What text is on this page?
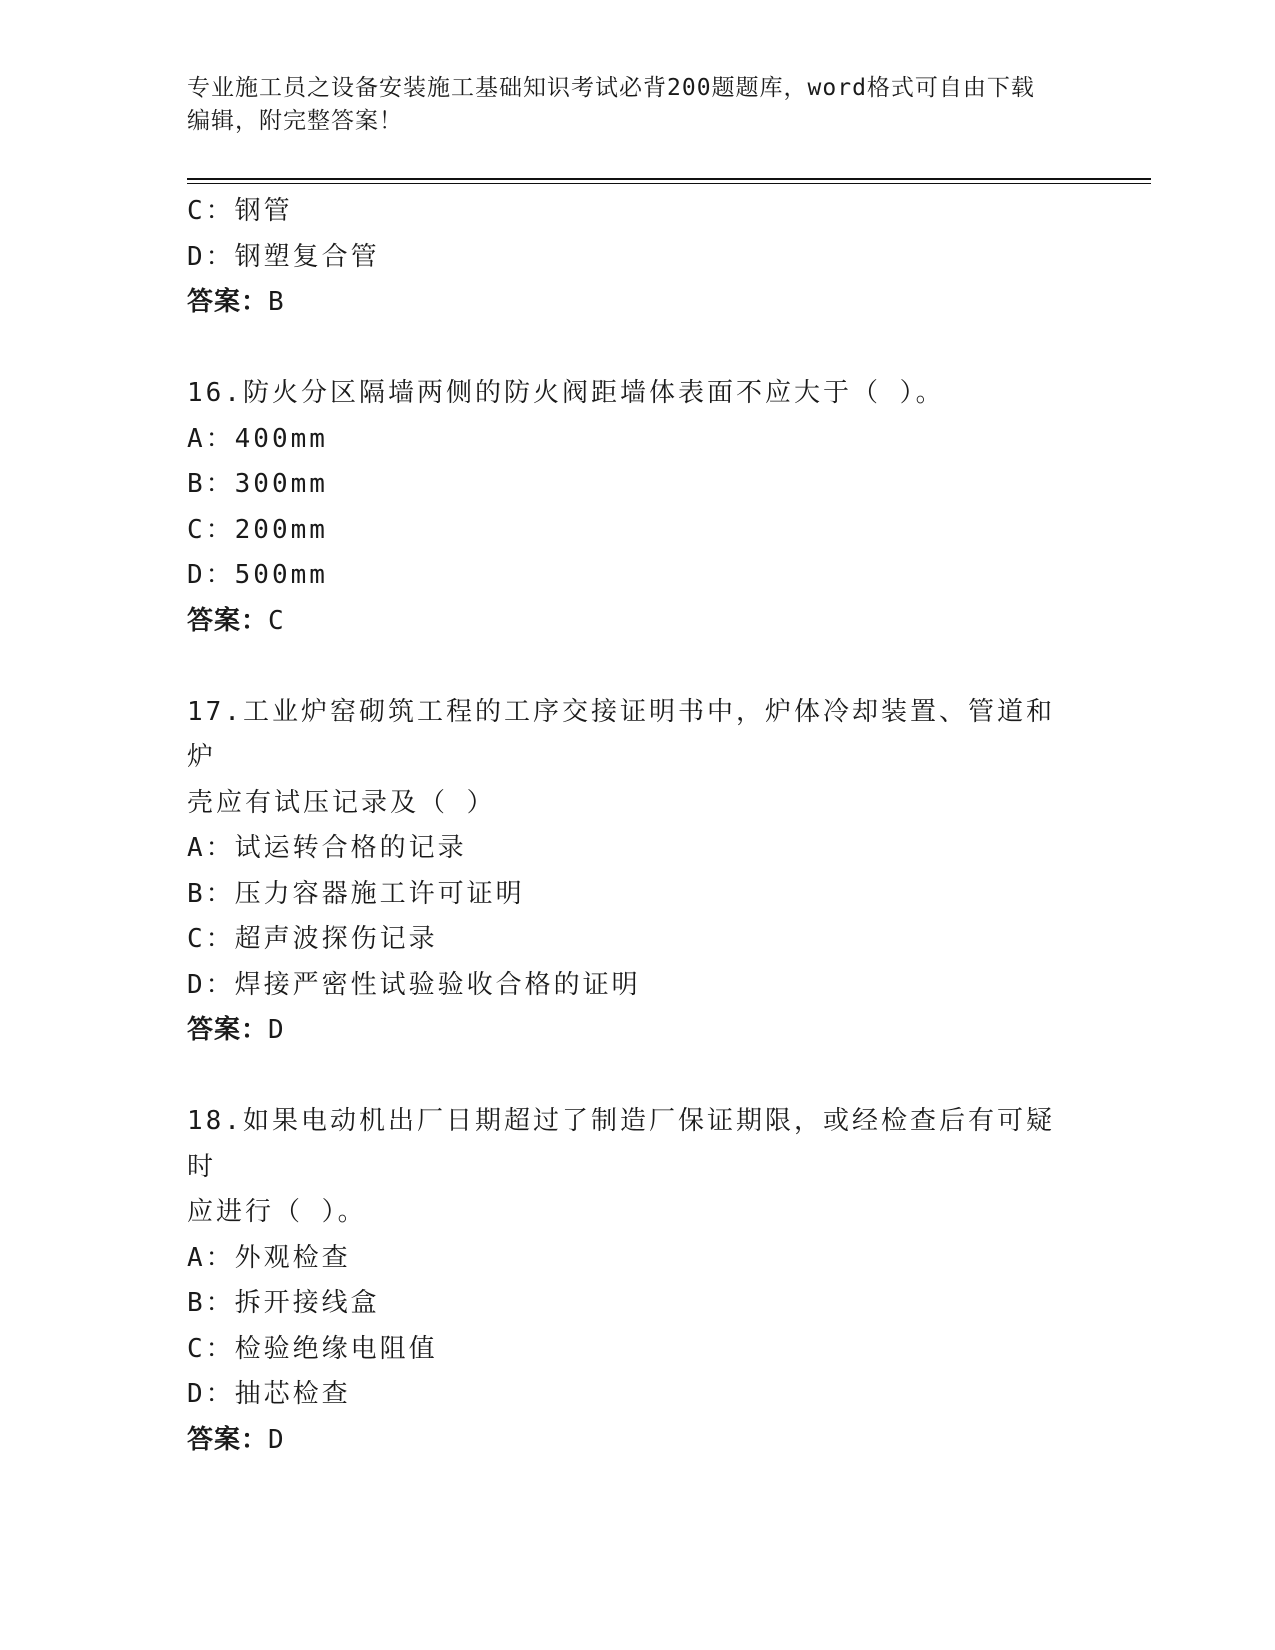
专业施工员之设备安装施工基础知识考试必背200题题库，word格式可自由下载
编辑，附完整答案！
C：钢管
D：钢塑复合管
答案：B
16.防火分区隔墙两侧的防火阀距墙体表面不应大于（ ）。
A：400mm
B：300mm
C：200mm
D：500mm
答案：C
17.工业炉窑砌筑工程的工序交接证明书中，炉体冷却装置、管道和炉
壳应有试压记录及（ ）
A：试运转合格的记录
B：压力容器施工许可证明
C：超声波探伤记录
D：焊接严密性试验验收合格的证明
答案：D
18.如果电动机出厂日期超过了制造厂保证期限，或经检查后有可疑时
应进行（ ）。
A：外观检查
B：拆开接线盒
C：检验绝缘电阻值
D：抽芯检查
答案：D
